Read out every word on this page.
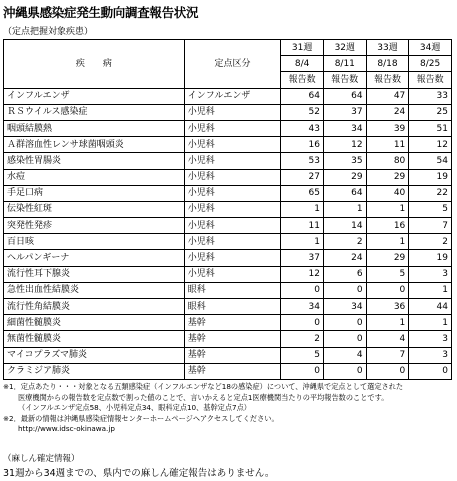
沖縄県感染症発生動向調査報告状況
（定点把握対象疾患）
疾　　病	定点区分	31週	32週	33週	34週
		8/4	8/11	8/18	8/25
		報告数	報告数	報告数	報告数
インフルエンザ	インフルエンザ	64	64	47	33
ＲＳウイルス感染症	小児科	52	37	24	25
咽頭結膜熱	小児科	43	34	39	51
Ａ群溶血性レンサ球菌咽頭炎	小児科	16	12	11	12
感染性胃腸炎	小児科	53	35	80	54
水痘	小児科	27	29	29	19
手足口病	小児科	65	64	40	22
伝染性紅斑	小児科	1	1	1	5
突発性発疹	小児科	11	14	16	7
百日咳	小児科	1	2	1	2
ヘルパンギーナ	小児科	37	24	29	19
流行性耳下腺炎	小児科	12	6	5	3
急性出血性結膜炎	眼科	0	0	0	1
流行性角結膜炎	眼科	34	34	36	44
細菌性髄膜炎	基幹	0	0	1	1
無菌性髄膜炎	基幹	2	0	4	3
マイコプラズマ肺炎	基幹	5	4	7	3
クラミジア肺炎	基幹	0	0	0	0
※1．定点あたり・・・対象となる五類感染症（インフルエンザなど18の感染症）について、沖縄県で定点として選定された
医療機関からの報告数を定点数で割った値のことで、言いかえると定点1医療機関当たりの平均報告数のことです。
（インフルエンザ定点58、小児科定点34、眼科定点10、基幹定点7点）
※2．最新の情報は沖縄県感染症情報センターホームページへアクセスしてください。
http://www.idsc-okinawa.jp
（麻しん確定情報）
31週から34週までの、県内での麻しん確定報告はありません。
